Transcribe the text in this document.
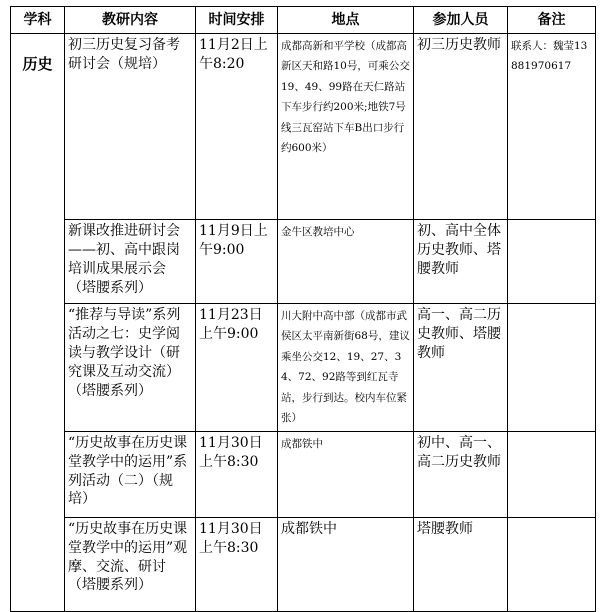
学科	教研内容	时间安排	地点	参加人员	备注
历史	初三历史复习备考研讨会（规培）	11月2日上午8:20	成都高新和平学校（成都高新区天和路10号，可乘公交19、49、99路在天仁路站下车步行约200米;地铁7号线三瓦窑站下车B出口步行约600米）	初三历史教师	联系人：魏莹13881970617
	新课改推进研讨会——初、高中跟岗培训成果展示会（塔腰系列）	11月9日上午9:00	金牛区教培中心	初、高中全体历史教师、塔腰教师	
	“推荐与导读”系列活动之七：史学阅读与教学设计（研究课及互动交流）（塔腰系列）	11月23日上午9:00	川大附中高中部（成都市武侯区太平南新街68号，建议乘坐公交12、19、27、34、72、92路等到红瓦寺站，步行到达。校内车位紧张）	高一、高二历史教师、塔腰教师	
	“历史故事在历史课堂教学中的运用”系列活动（二）（规培）	11月30日上午8:30	成都铁中	初中、高一、高二历史教师	
	“历史故事在历史课堂教学中的运用”观摩、交流、研讨（塔腰系列）	11月30日上午8:30	成都铁中	塔腰教师	
